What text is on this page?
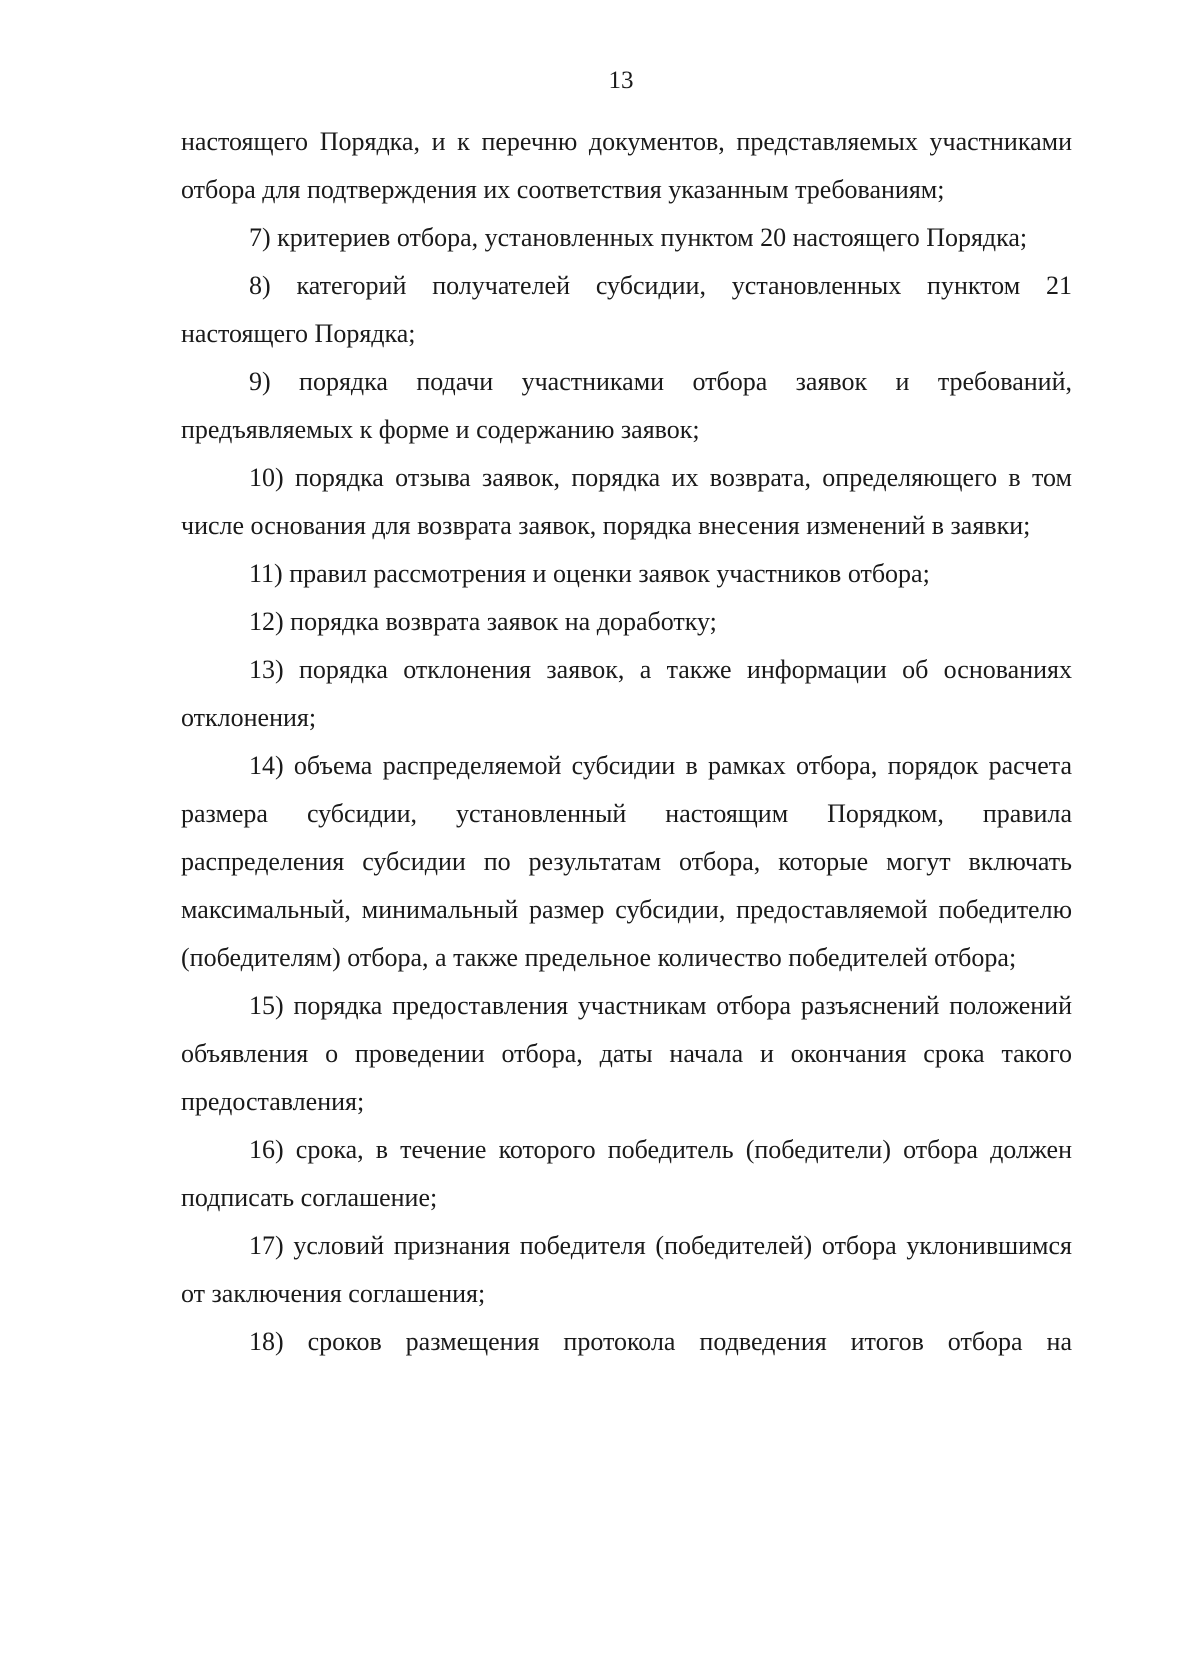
13

настоящего Порядка, и к перечню документов, представляемых участниками отбора для подтверждения их соответствия указанным требованиям;

7) критериев отбора, установленных пунктом 20 настоящего Порядка;

8) категорий получателей субсидии, установленных пунктом 21 настоящего Порядка;

9) порядка подачи участниками отбора заявок и требований, предъявляемых к форме и содержанию заявок;

10) порядка отзыва заявок, порядка их возврата, определяющего в том числе основания для возврата заявок, порядка внесения изменений в заявки;

11) правил рассмотрения и оценки заявок участников отбора;

12) порядка возврата заявок на доработку;

13) порядка отклонения заявок, а также информации об основаниях отклонения;

14) объема распределяемой субсидии в рамках отбора, порядок расчета размера субсидии, установленный настоящим Порядком, правила распределения субсидии по результатам отбора, которые могут включать максимальный, минимальный размер субсидии, предоставляемой победителю (победителям) отбора, а также предельное количество победителей отбора;

15) порядка предоставления участникам отбора разъяснений положений объявления о проведении отбора, даты начала и окончания срока такого предоставления;

16) срока, в течение которого победитель (победители) отбора должен подписать соглашение;

17) условий признания победителя (победителей) отбора уклонившимся от заключения соглашения;

18) сроков размещения протокола подведения итогов отбора на
